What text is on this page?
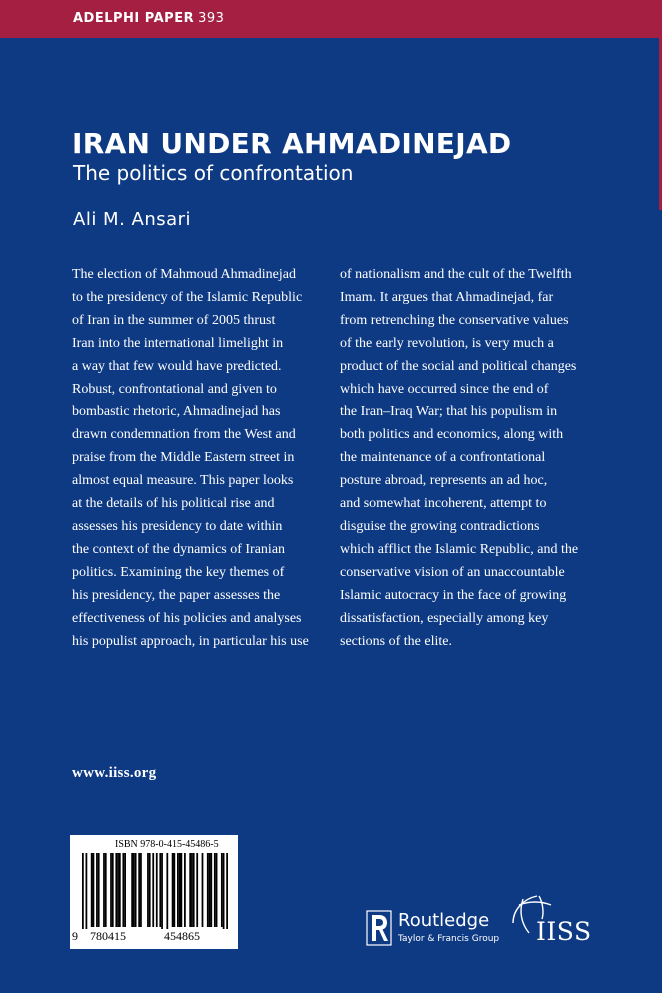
ADELPHI PAPER 393
IRAN UNDER AHMADINEJAD
The politics of confrontation
Ali M. Ansari
The election of Mahmoud Ahmadinejad
to the presidency of the Islamic Republic
of Iran in the summer of 2005 thrust
Iran into the international limelight in
a way that few would have predicted.
Robust, confrontational and given to
bombastic rhetoric, Ahmadinejad has
drawn condemnation from the West and
praise from the Middle Eastern street in
almost equal measure. This paper looks
at the details of his political rise and
assesses his presidency to date within
the context of the dynamics of Iranian
politics. Examining the key themes of
his presidency, the paper assesses the
effectiveness of his policies and analyses
his populist approach, in particular his use
of nationalism and the cult of the Twelfth
Imam. It argues that Ahmadinejad, far
from retrenching the conservative values
of the early revolution, is very much a
product of the social and political changes
which have occurred since the end of
the Iran–Iraq War; that his populism in
both politics and economics, along with
the maintenance of a confrontational
posture abroad, represents an ad hoc,
and somewhat incoherent, attempt to
disguise the growing contradictions
which afflict the Islamic Republic, and the
conservative vision of an unaccountable
Islamic autocracy in the face of growing
dissatisfaction, especially among key
sections of the elite.
www.iiss.org
ISBN 978-0-415-45486-5
9 780415	454865
Routledge
Taylor & Francis Group IISS
